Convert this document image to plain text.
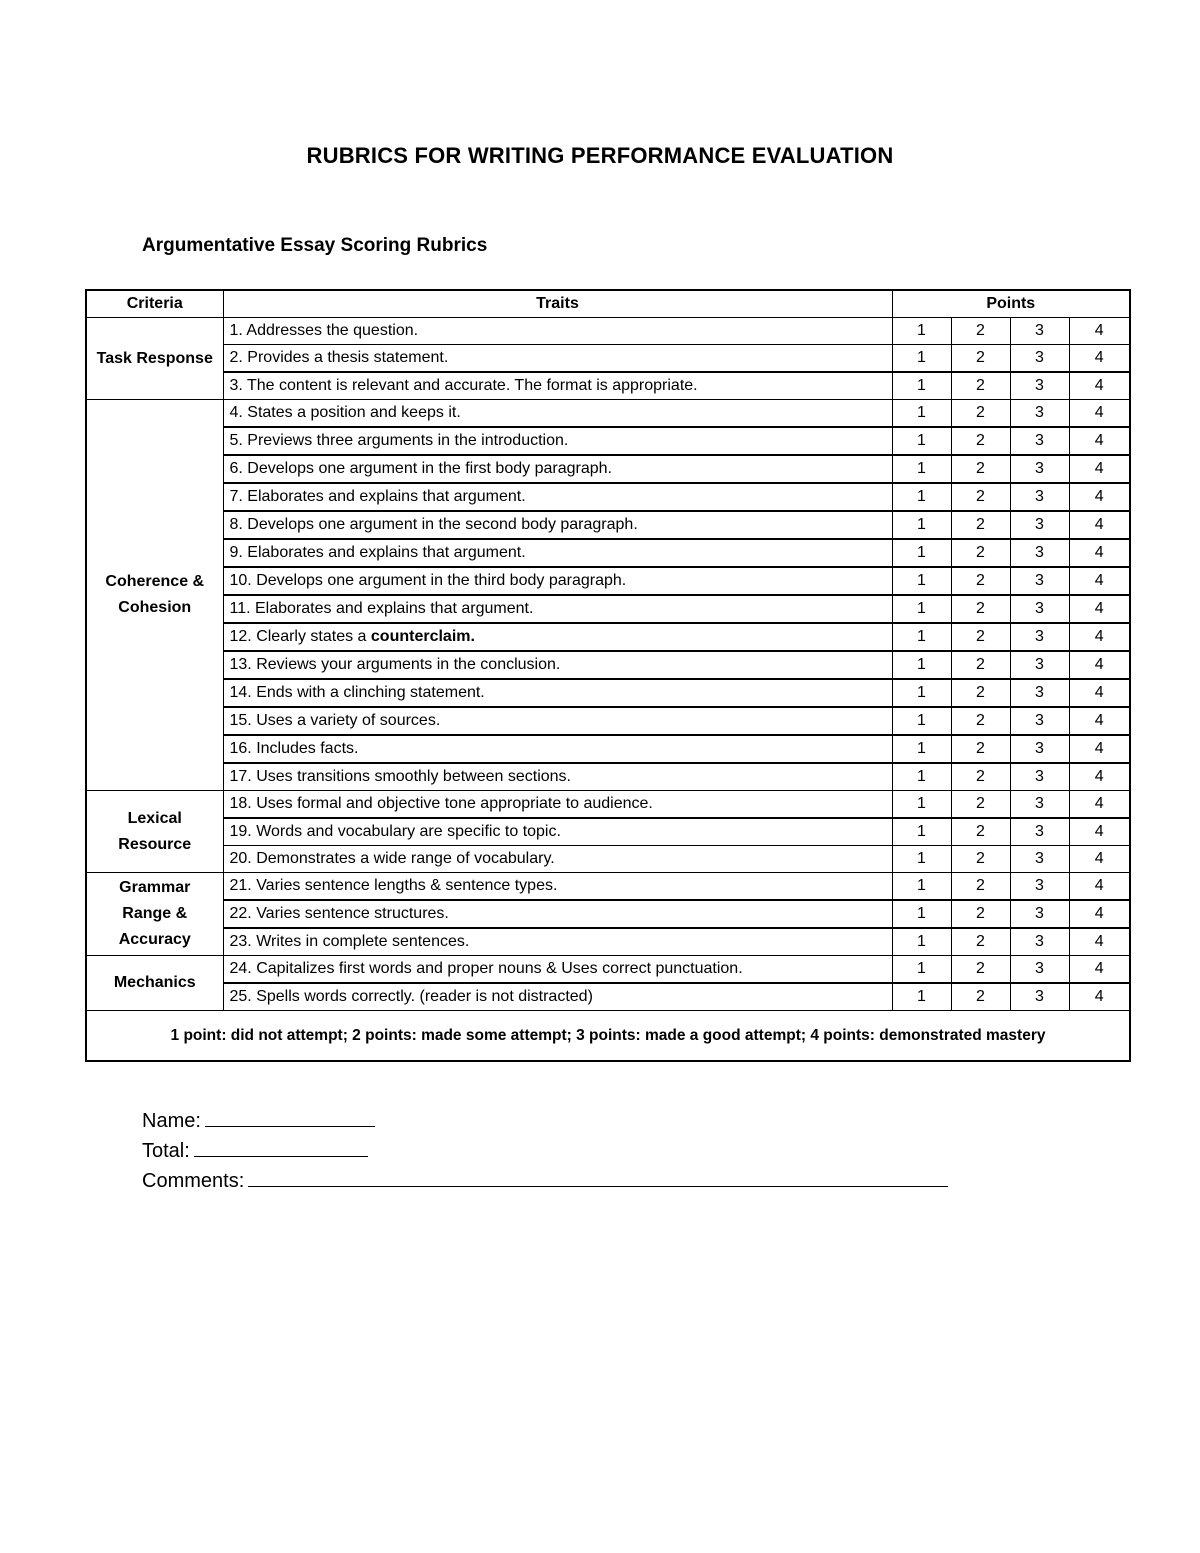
RUBRICS FOR WRITING PERFORMANCE EVALUATION
Argumentative Essay Scoring Rubrics
Criteria	Traits	Points			
Task Response	1. Addresses the question.	1	2	3	4
	2. Provides a thesis statement.	1	2	3	4
	3. The content is relevant and accurate. The format is appropriate.	1	2	3	4
Coherence & Cohesion	4. States a position and keeps it.	1	2	3	4
	5. Previews three arguments in the introduction.	1	2	3	4
	6. Develops one argument in the first body paragraph.	1	2	3	4
	7. Elaborates and explains that argument.	1	2	3	4
	8. Develops one argument in the second body paragraph.	1	2	3	4
	9. Elaborates and explains that argument.	1	2	3	4
	10. Develops one argument in the third body paragraph.	1	2	3	4
	11. Elaborates and explains that argument.	1	2	3	4
	12. Clearly states a counterclaim.	1	2	3	4
	13. Reviews your arguments in the conclusion.	1	2	3	4
	14. Ends with a clinching statement.	1	2	3	4
	15. Uses a variety of sources.	1	2	3	4
	16. Includes facts.	1	2	3	4
	17. Uses transitions smoothly between sections.	1	2	3	4
Lexical Resource	18. Uses formal and objective tone appropriate to audience.	1	2	3	4
	19. Words and vocabulary are specific to topic.	1	2	3	4
	20. Demonstrates a wide range of vocabulary.	1	2	3	4
Grammar Range & Accuracy	21. Varies sentence lengths & sentence types.	1	2	3	4
	22. Varies sentence structures.	1	2	3	4
	23. Writes in complete sentences.	1	2	3	4
Mechanics	24. Capitalizes first words and proper nouns & Uses correct punctuation.	1	2	3	4
	25. Spells words correctly. (reader is not distracted)	1	2	3	4
1 point: did not attempt; 2 points: made some attempt; 3 points: made a good attempt; 4 points: demonstrated mastery					
Name:
Total:
Comments:
